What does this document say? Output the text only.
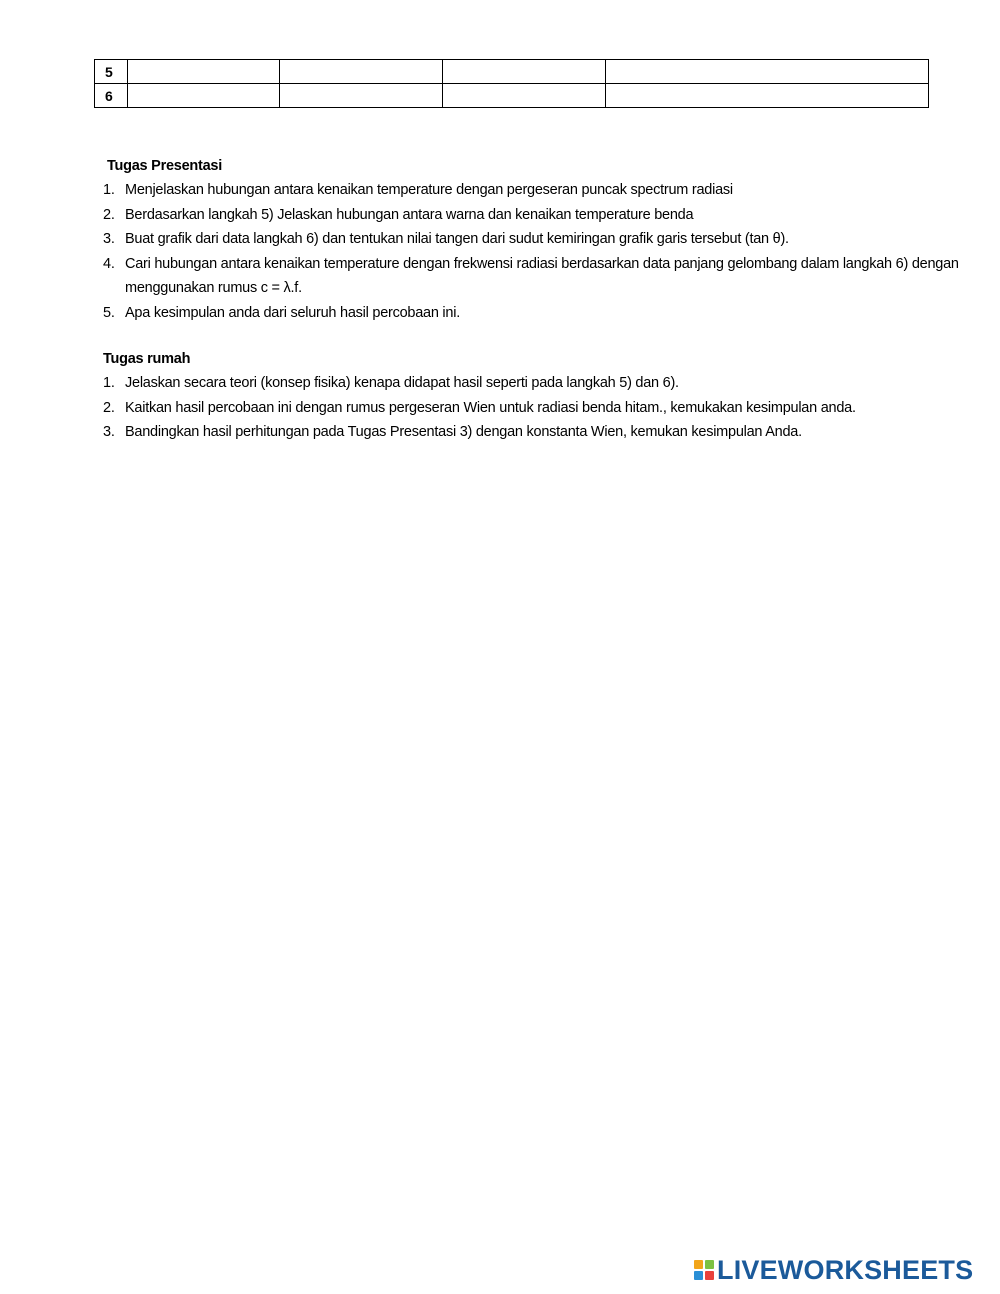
5				
6				
Tugas Presentasi
1. Menjelaskan hubungan antara kenaikan temperature dengan pergeseran puncak spectrum radiasi
2. Berdasarkan langkah 5) Jelaskan hubungan antara warna dan kenaikan temperature benda
3. Buat grafik dari data langkah 6) dan tentukan nilai tangen dari sudut kemiringan grafik garis tersebut (tan θ).
4. Cari hubungan antara kenaikan temperature dengan frekwensi radiasi berdasarkan data panjang gelombang dalam langkah 6) dengan menggunakan rumus c = λ.f.
5. Apa kesimpulan anda dari seluruh hasil percobaan ini.
Tugas rumah
1. Jelaskan secara teori (konsep fisika) kenapa didapat hasil seperti pada langkah 5) dan 6).
2. Kaitkan hasil percobaan ini dengan rumus pergeseran Wien untuk radiasi benda hitam., kemukakan kesimpulan anda.
3. Bandingkan hasil perhitungan pada Tugas Presentasi 3) dengan konstanta Wien, kemukan kesimpulan Anda.
LIVEWORKSHEETS
